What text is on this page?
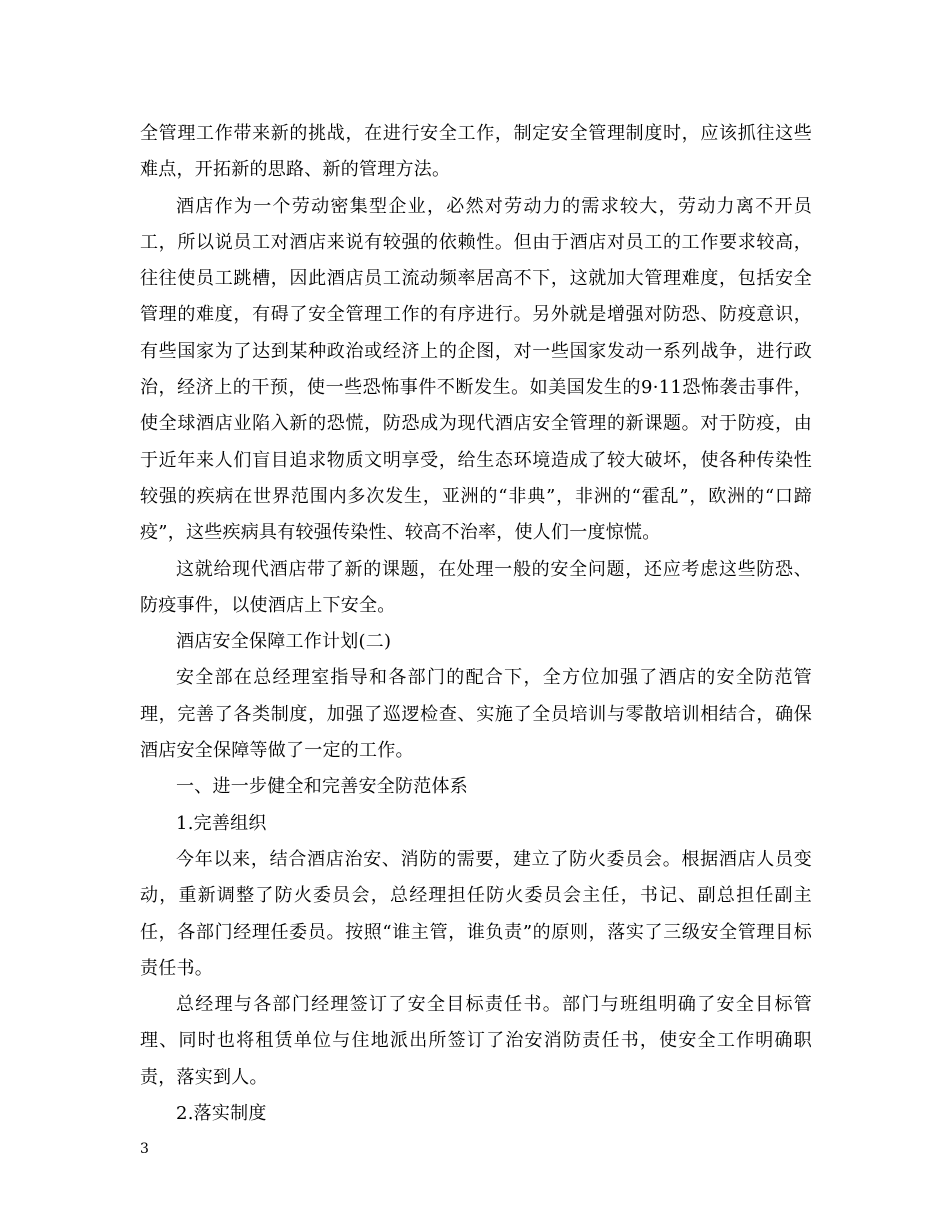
全管理工作带来新的挑战，在进行安全工作，制定安全管理制度时，应该抓往这些难点，开拓新的思路、新的管理方法。

酒店作为一个劳动密集型企业，必然对劳动力的需求较大，劳动力离不开员工，所以说员工对酒店来说有较强的依赖性。但由于酒店对员工的工作要求较高，往往使员工跳槽，因此酒店员工流动频率居高不下，这就加大管理难度，包括安全管理的难度，有碍了安全管理工作的有序进行。另外就是增强对防恐、防疫意识，有些国家为了达到某种政治或经济上的企图，对一些国家发动一系列战争，进行政治，经济上的干预，使一些恐怖事件不断发生。如美国发生的9·11恐怖袭击事件，使全球酒店业陷入新的恐慌，防恐成为现代酒店安全管理的新课题。对于防疫，由于近年来人们盲目追求物质文明享受，给生态环境造成了较大破坏，使各种传染性较强的疾病在世界范围内多次发生，亚洲的“非典”，非洲的“霍乱”，欧洲的“口蹄疫”，这些疾病具有较强传染性、较高不治率，使人们一度惊慌。

这就给现代酒店带了新的课题，在处理一般的安全问题，还应考虑这些防恐、防疫事件，以使酒店上下安全。

酒店安全保障工作计划(二)

安全部在总经理室指导和各部门的配合下，全方位加强了酒店的安全防范管理，完善了各类制度，加强了巡逻检查、实施了全员培训与零散培训相结合，确保酒店安全保障等做了一定的工作。

一、进一步健全和完善安全防范体系

1.完善组织

今年以来，结合酒店治安、消防的需要，建立了防火委员会。根据酒店人员变动，重新调整了防火委员会，总经理担任防火委员会主任，书记、副总担任副主任，各部门经理任委员。按照“谁主管，谁负责”的原则，落实了三级安全管理目标责任书。

总经理与各部门经理签订了安全目标责任书。部门与班组明确了安全目标管理、同时也将租赁单位与住地派出所签订了治安消防责任书，使安全工作明确职责，落实到人。

2.落实制度

3
